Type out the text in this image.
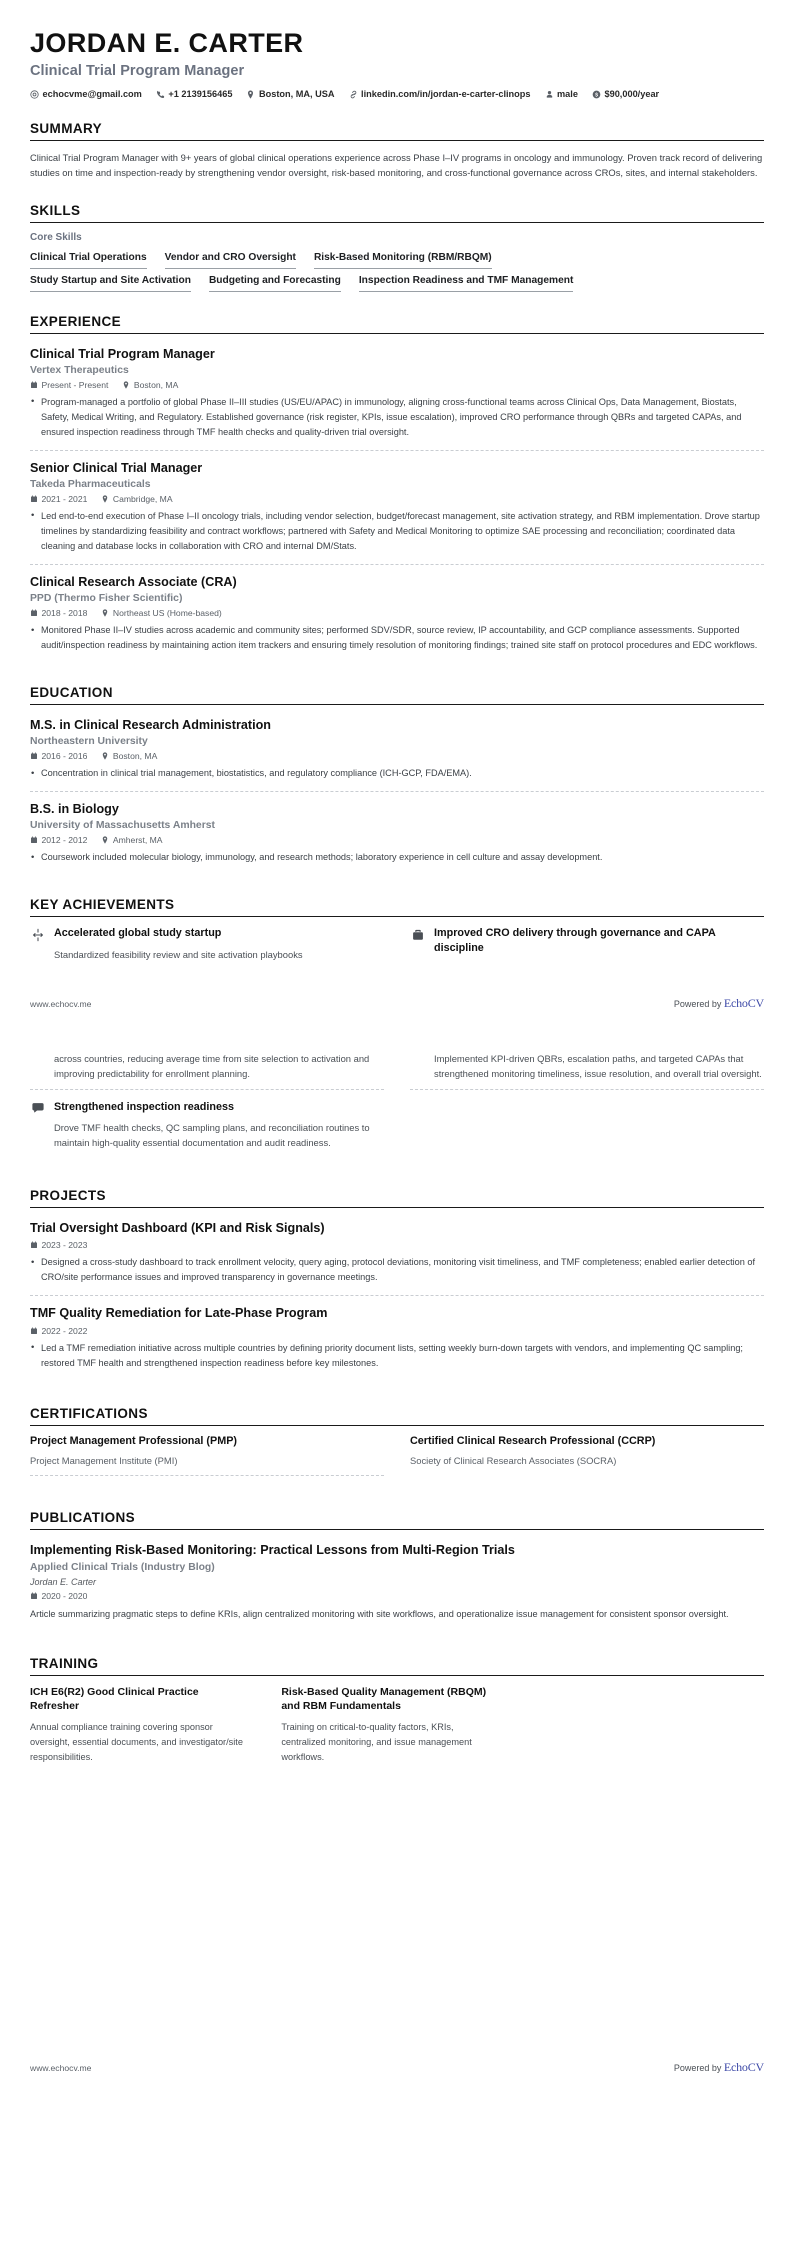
JORDAN E. CARTER
Clinical Trial Program Manager
echocvme@gmail.com	+1 2139156465	Boston, MA, USA	linkedin.com/in/jordan-e-carter-clinops	male	$90,000/year
SUMMARY
Clinical Trial Program Manager with 9+ years of global clinical operations experience across Phase I–IV programs in oncology and immunology. Proven track record of delivering studies on time and inspection-ready by strengthening vendor oversight, risk-based monitoring, and cross-functional governance across CROs, sites, and internal stakeholders.
SKILLS
Core Skills
Clinical Trial Operations Vendor and CRO Oversight Risk-Based Monitoring (RBM/RBQM)
Study Startup and Site Activation Budgeting and Forecasting Inspection Readiness and TMF Management
EXPERIENCE
Clinical Trial Program Manager
Vertex Therapeutics
Present - Present	Boston, MA
• Program-managed a portfolio of global Phase II–III studies (US/EU/APAC) in immunology, aligning cross-functional teams across Clinical Ops, Data Management, Biostats, Safety, Medical Writing, and Regulatory. Established governance (risk register, KPIs, issue escalation), improved CRO performance through QBRs and targeted CAPAs, and ensured inspection readiness through TMF health checks and quality-driven trial oversight.
Senior Clinical Trial Manager
Takeda Pharmaceuticals
2021 - 2021	Cambridge, MA
• Led end-to-end execution of Phase I–II oncology trials, including vendor selection, budget/forecast management, site activation strategy, and RBM implementation. Drove startup timelines by standardizing feasibility and contract workflows; partnered with Safety and Medical Monitoring to optimize SAE processing and reconciliation; coordinated data cleaning and database locks in collaboration with CRO and internal DM/Stats.
Clinical Research Associate (CRA)
PPD (Thermo Fisher Scientific)
2018 - 2018	Northeast US (Home-based)
• Monitored Phase II–IV studies across academic and community sites; performed SDV/SDR, source review, IP accountability, and GCP compliance assessments. Supported audit/inspection readiness by maintaining action item trackers and ensuring timely resolution of monitoring findings; trained site staff on protocol procedures and EDC workflows.
EDUCATION
M.S. in Clinical Research Administration
Northeastern University
2016 - 2016	Boston, MA
• Concentration in clinical trial management, biostatistics, and regulatory compliance (ICH-GCP, FDA/EMA).
B.S. in Biology
University of Massachusetts Amherst
2012 - 2012	Amherst, MA
• Coursework included molecular biology, immunology, and research methods; laboratory experience in cell culture and assay development.
KEY ACHIEVEMENTS
Accelerated global study startup
Standardized feasibility review and site activation playbooks
Improved CRO delivery through governance and CAPA discipline
www.echocv.me	Powered by EchoCV
across countries, reducing average time from site selection to activation and improving predictability for enrollment planning.
Implemented KPI-driven QBRs, escalation paths, and targeted CAPAs that strengthened monitoring timeliness, issue resolution, and overall trial oversight.
Strengthened inspection readiness
Drove TMF health checks, QC sampling plans, and reconciliation routines to maintain high-quality essential documentation and audit readiness.
PROJECTS
Trial Oversight Dashboard (KPI and Risk Signals)
2023 - 2023
• Designed a cross-study dashboard to track enrollment velocity, query aging, protocol deviations, monitoring visit timeliness, and TMF completeness; enabled earlier detection of CRO/site performance issues and improved transparency in governance meetings.
TMF Quality Remediation for Late-Phase Program
2022 - 2022
• Led a TMF remediation initiative across multiple countries by defining priority document lists, setting weekly burn-down targets with vendors, and implementing QC sampling; restored TMF health and strengthened inspection readiness before key milestones.
CERTIFICATIONS
Project Management Professional (PMP)
Project Management Institute (PMI)
Certified Clinical Research Professional (CCRP)
Society of Clinical Research Associates (SOCRA)
PUBLICATIONS
Implementing Risk-Based Monitoring: Practical Lessons from Multi-Region Trials
Applied Clinical Trials (Industry Blog)
Jordan E. Carter
2020 - 2020
Article summarizing pragmatic steps to define KRIs, align centralized monitoring with site workflows, and operationalize issue management for consistent sponsor oversight.
TRAINING
ICH E6(R2) Good Clinical Practice Refresher
Annual compliance training covering sponsor oversight, essential documents, and investigator/site responsibilities.
Risk-Based Quality Management (RBQM) and RBM Fundamentals
Training on critical-to-quality factors, KRIs, centralized monitoring, and issue management workflows.
www.echocv.me	Powered by EchoCV
